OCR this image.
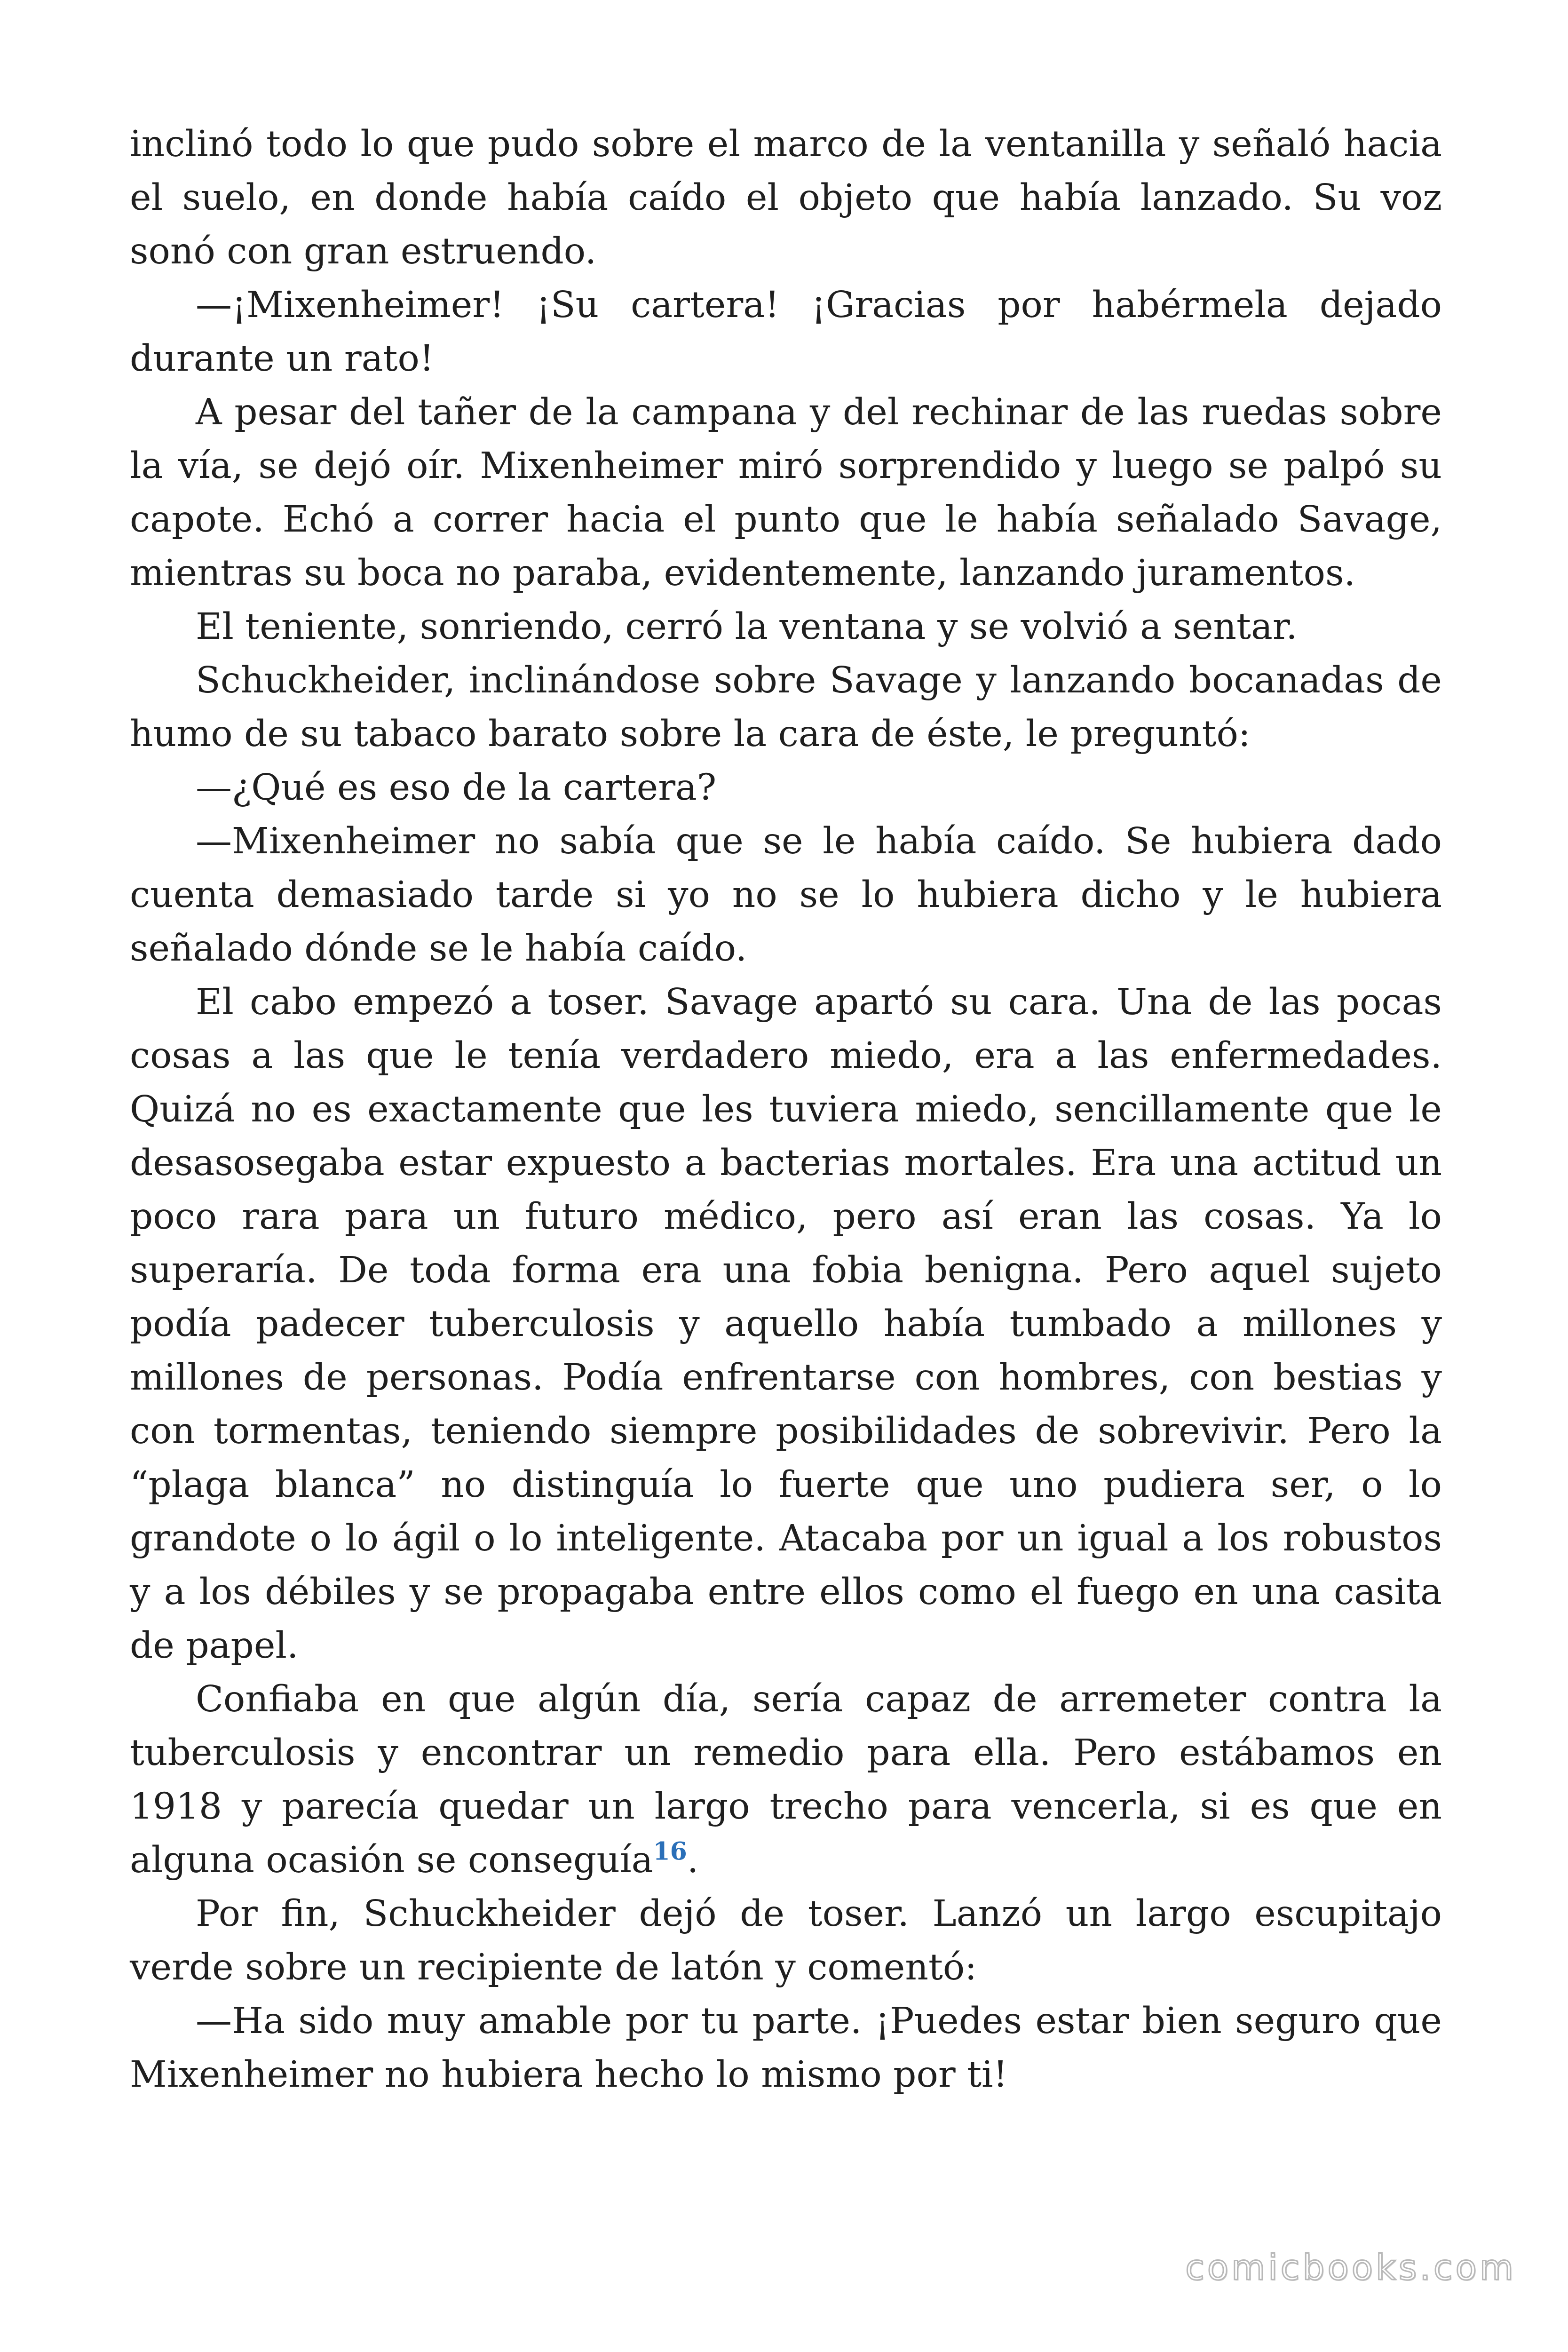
inclinó todo lo que pudo sobre el marco de la ventanilla y señaló hacia el suelo, en donde había caído el objeto que había lanzado. Su voz sonó con gran estruendo.

—¡Mixenheimer! ¡Su cartera! ¡Gracias por habérmela dejado durante un rato!

A pesar del tañer de la campana y del rechinar de las ruedas sobre la vía, se dejó oír. Mixenheimer miró sorprendido y luego se palpó su capote. Echó a correr hacia el punto que le había señalado Savage, mientras su boca no paraba, evidentemente, lanzando juramentos.

El teniente, sonriendo, cerró la ventana y se volvió a sentar.

Schuckheider, inclinándose sobre Savage y lanzando bocanadas de humo de su tabaco barato sobre la cara de éste, le preguntó:

—¿Qué es eso de la cartera?

—Mixenheimer no sabía que se le había caído. Se hubiera dado cuenta demasiado tarde si yo no se lo hubiera dicho y le hubiera señalado dónde se le había caído.

El cabo empezó a toser. Savage apartó su cara. Una de las pocas cosas a las que le tenía verdadero miedo, era a las enfermedades. Quizá no es exactamente que les tuviera miedo, sencillamente que le desasosegaba estar expuesto a bacterias mortales. Era una actitud un poco rara para un futuro médico, pero así eran las cosas. Ya lo superaría. De toda forma era una fobia benigna. Pero aquel sujeto podía padecer tuberculosis y aquello había tumbado a millones y millones de personas. Podía enfrentarse con hombres, con bestias y con tormentas, teniendo siempre posibilidades de sobrevivir. Pero la “plaga blanca” no distinguía lo fuerte que uno pudiera ser, o lo grandote o lo ágil o lo inteligente. Atacaba por un igual a los robustos y a los débiles y se propagaba entre ellos como el fuego en una casita de papel.

Confiaba en que algún día, sería capaz de arremeter contra la tuberculosis y encontrar un remedio para ella. Pero estábamos en 1918 y parecía quedar un largo trecho para vencerla, si es que en alguna ocasión se conseguía$^{16}$.

Por fin, Schuckheider dejó de toser. Lanzó un largo escupitajo verde sobre un recipiente de latón y comentó:

—Ha sido muy amable por tu parte. ¡Puedes estar bien seguro que Mixenheimer no hubiera hecho lo mismo por ti!

comicbooks.com
